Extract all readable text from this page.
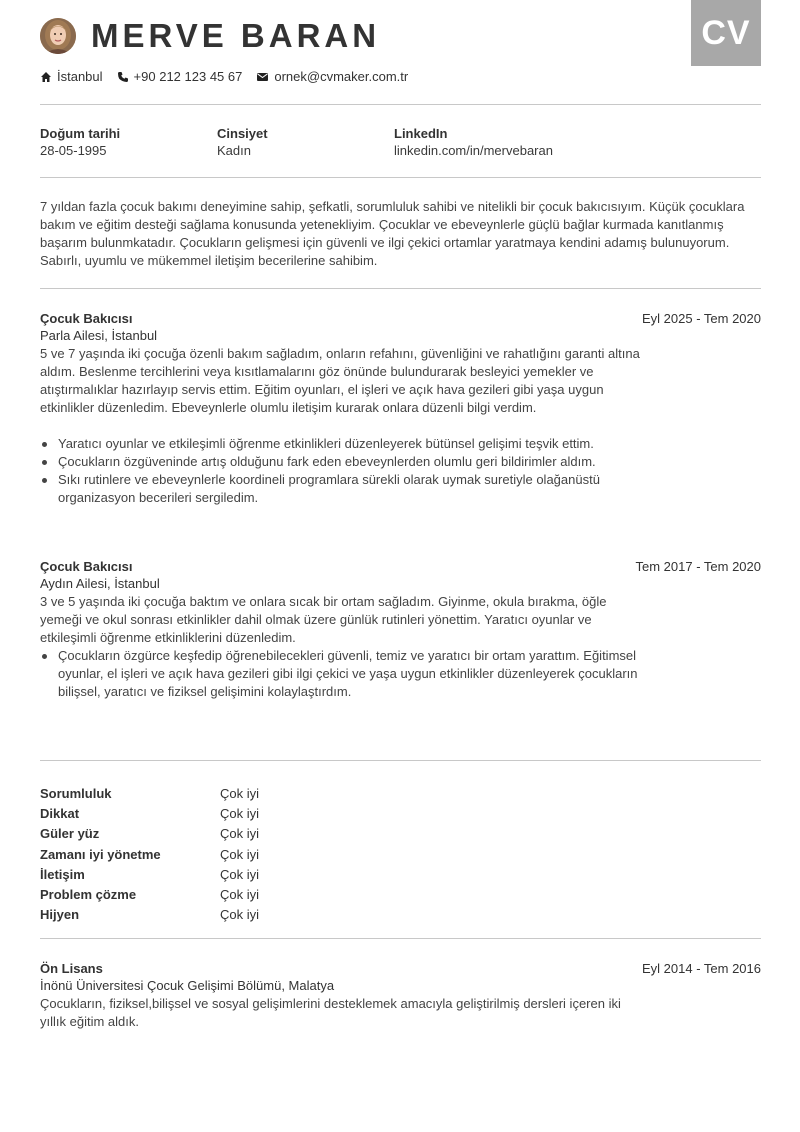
CV
MERVE BARAN
İstanbul +90 212 123 45 67 ornek@cvmaker.com.tr
Doğum tarihi
28-05-1995
Cinsiyet
Kadın
LinkedIn
linkedin.com/in/mervebaran
7 yıldan fazla çocuk bakımı deneyimine sahip, şefkatli, sorumluluk sahibi ve nitelikli bir çocuk bakıcısıyım. Küçük çocuklara bakım ve eğitim desteği sağlama konusunda yetenekliyim. Çocuklar ve ebeveynlerle güçlü bağlar kurmada kanıtlanmış başarım bulunmkatadır. Çocukların gelişmesi için güvenli ve ilgi çekici ortamlar yaratmaya kendini adamış bulunuyorum. Sabırlı, uyumlu ve mükemmel iletişim becerilerine sahibim.
Çocuk Bakıcısı	Eyl 2025 - Tem 2020
Parla Ailesi, İstanbul
5 ve 7 yaşında iki çocuğa özenli bakım sağladım, onların refahını, güvenliğini ve rahatlığını garanti altına aldım. Beslenme tercihlerini veya kısıtlamalarını göz önünde bulundurarak besleyici yemekler ve atıştırmalıklar hazırlayıp servis ettim. Eğitim oyunları, el işleri ve açık hava gezileri gibi yaşa uygun etkinlikler düzenledim. Ebeveynlerle olumlu iletişim kurarak onlara düzenli bilgi verdim.
Yaratıcı oyunlar ve etkileşimli öğrenme etkinlikleri düzenleyerek bütünsel gelişimi teşvik ettim.
Çocukların özgüveninde artış olduğunu fark eden ebeveynlerden olumlu geri bildirimler aldım.
Sıkı rutinlere ve ebeveynlerle koordineli programlara sürekli olarak uymak suretiyle olağanüstü organizasyon becerileri sergiledim.
Çocuk Bakıcısı	Tem 2017 - Tem 2020
Aydın Ailesi, İstanbul
3 ve 5 yaşında iki çocuğa baktım ve onlara sıcak bir ortam sağladım. Giyinme, okula bırakma, öğle yemeği ve okul sonrası etkinlikler dahil olmak üzere günlük rutinleri yönettim. Yaratıcı oyunlar ve etkileşimli öğrenme etkinliklerini düzenledim.
Çocukların özgürce keşfedip öğrenebilecekleri güvenli, temiz ve yaratıcı bir ortam yarattım. Eğitimsel oyunlar, el işleri ve açık hava gezileri gibi ilgi çekici ve yaşa uygun etkinlikler düzenleyerek çocukların bilişsel, yaratıcı ve fiziksel gelişimini kolaylaştırdım.
Sorumluluk	Çok iyi
Dikkat	Çok iyi
Güler yüz	Çok iyi
Zamanı iyi yönetme	Çok iyi
İletişim	Çok iyi
Problem çözme	Çok iyi
Hijyen	Çok iyi
Ön Lisans	Eyl 2014 - Tem 2016
İnönü Üniversitesi Çocuk Gelişimi Bölümü, Malatya
Çocukların, fiziksel,bilişsel ve sosyal gelişimlerini desteklemek amacıyla geliştirilmiş dersleri içeren iki yıllık eğitim aldık.
